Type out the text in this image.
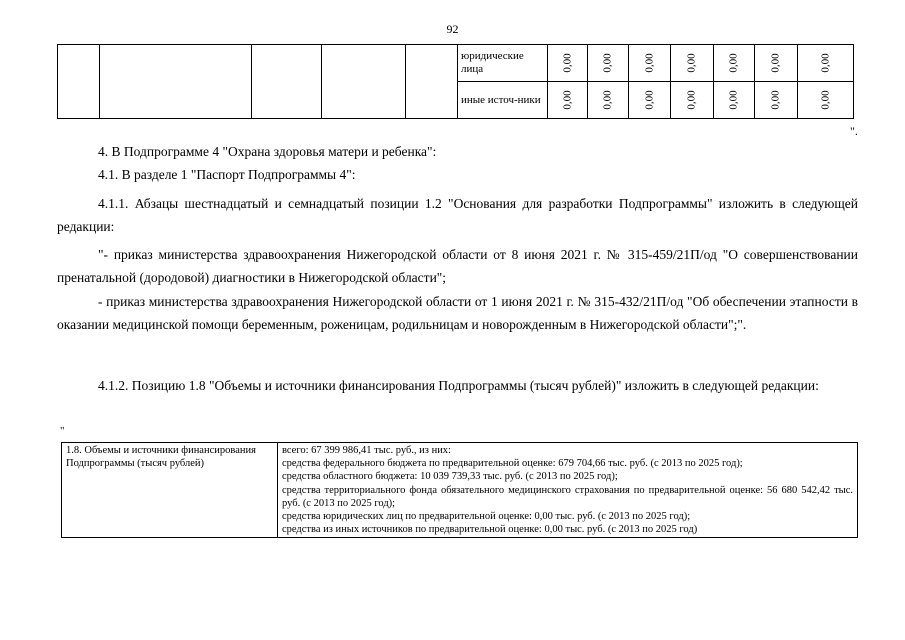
92
					юридические лица	0,00	0,00	0,00	0,00	0,00	0,00	0,00
					иные источ-ники	0,00	0,00	0,00	0,00	0,00	0,00	0,00
".
4. В Подпрограмме 4 "Охрана здоровья матери и ребенка":
4.1. В разделе 1 "Паспорт Подпрограммы 4":
4.1.1. Абзацы шестнадцатый и семнадцатый позиции 1.2 "Основания для разработки Подпрограммы" изложить в следующей редакции:
"- приказ министерства здравоохранения Нижегородской области от 8 июня 2021 г. № 315-459/21П/од "О совершенствовании пренатальной (дородовой) диагностики в Нижегородской области";
- приказ министерства здравоохранения Нижегородской области от 1 июня 2021 г. № 315-432/21П/од "Об обеспечении этапности в оказании медицинской помощи беременным, роженицам, родильницам и новорожденным в Нижегородской области";".
4.1.2. Позицию 1.8 "Объемы и источники финансирования Подпрограммы (тысяч рублей)" изложить в следующей редакции:
"
1.8. Объемы и источники финансирования Подпрограммы (тысяч рублей)	
всего: 67 399 986,41 тыс. руб., из них:
средства федерального бюджета по предварительной оценке: 679 704,66 тыс. руб. (с 2013 по 2025 год);
средства областного бюджета: 10 039 739,33 тыс. руб. (с 2013 по 2025 год);
средства территориального фонда обязательного медицинского страхования по предварительной оценке: 56 680 542,42 тыс. руб. (с 2013 по 2025 год);
средства юридических лиц по предварительной оценке: 0,00 тыс. руб. (с 2013 по 2025 год);
средства из иных источников по предварительной оценке: 0,00 тыс. руб. (с 2013 по 2025 год)
